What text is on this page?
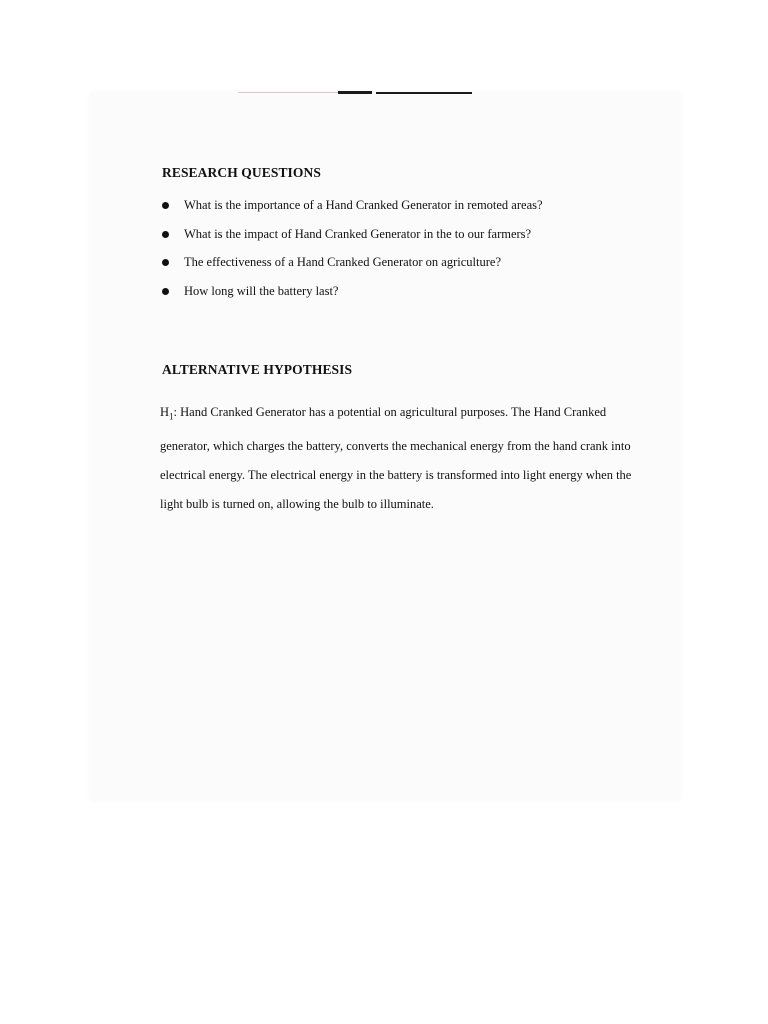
RESEARCH QUESTIONS
What is the importance of a Hand Cranked Generator in remoted areas?
What is the impact of Hand Cranked Generator in the to our farmers?
The effectiveness of a Hand Cranked Generator on agriculture?
How long will the battery last?
ALTERNATIVE HYPOTHESIS

$H_1$: Hand Cranked Generator has a potential on agricultural purposes. The Hand Cranked
generator, which charges the battery, converts the mechanical energy from the hand crank into
electrical energy. The electrical energy in the battery is transformed into light energy when the
light bulb is turned on, allowing the bulb to illuminate.
